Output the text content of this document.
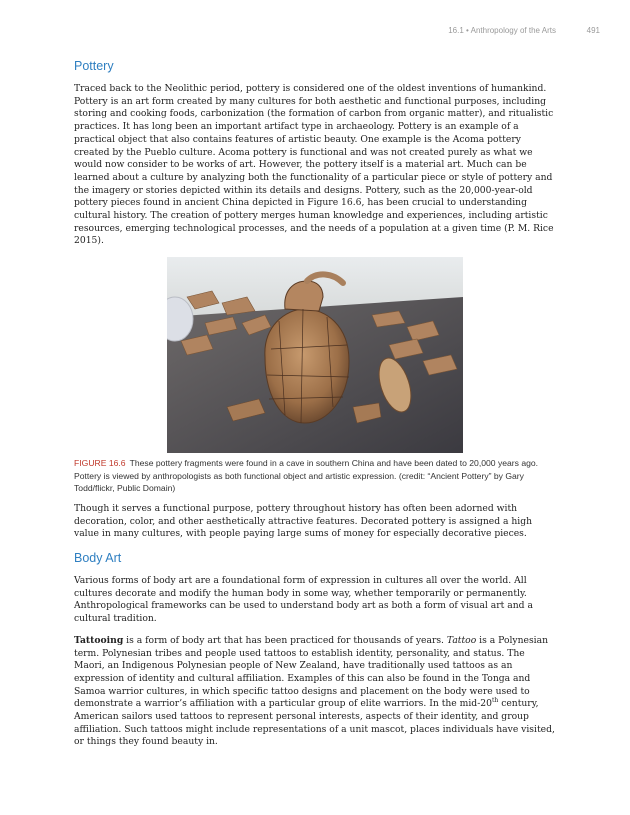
16.1 • Anthropology of the Arts	491
Pottery

Traced back to the Neolithic period, pottery is considered one of the oldest inventions of humankind. Pottery is an art form created by many cultures for both aesthetic and functional purposes, including storing and cooking foods, carbonization (the formation of carbon from organic matter), and ritualistic practices. It has long been an important artifact type in archaeology. Pottery is an example of a practical object that also contains features of artistic beauty. One example is the Acoma pottery created by the Pueblo culture. Acoma pottery is functional and was not created purely as what we would now consider to be works of art. However, the pottery itself is a material art. Much can be learned about a culture by analyzing both the functionality of a particular piece or style of pottery and the imagery or stories depicted within its details and designs. Pottery, such as the 20,000-year-old pottery pieces found in ancient China depicted in Figure 16.6, has been crucial to understanding cultural history. The creation of pottery merges human knowledge and experiences, including artistic resources, emerging technological processes, and the needs of a population at a given time (P. M. Rice 2015).

FIGURE 16.6 These pottery fragments were found in a cave in southern China and have been dated to 20,000 years ago. Pottery is viewed by anthropologists as both functional object and artistic expression. (credit: “Ancient Pottery” by Gary Todd/flickr, Public Domain)

Though it serves a functional purpose, pottery throughout history has often been adorned with decoration, color, and other aesthetically attractive features. Decorated pottery is assigned a high value in many cultures, with people paying large sums of money for especially decorative pieces.

Body Art

Various forms of body art are a foundational form of expression in cultures all over the world. All cultures decorate and modify the human body in some way, whether temporarily or permanently. Anthropological frameworks can be used to understand body art as both a form of visual art and a cultural tradition.

Tattooing is a form of body art that has been practiced for thousands of years. Tattoo is a Polynesian term. Polynesian tribes and people used tattoos to establish identity, personality, and status. The Maori, an Indigenous Polynesian people of New Zealand, have traditionally used tattoos as an expression of identity and cultural affiliation. Examples of this can also be found in the Tonga and Samoa warrior cultures, in which specific tattoo designs and placement on the body were used to demonstrate a warrior’s affiliation with a particular group of elite warriors. In the mid-20th century, American sailors used tattoos to represent personal interests, aspects of their identity, and group affiliation. Such tattoos might include representations of a unit mascot, places individuals have visited, or things they found beauty in.
